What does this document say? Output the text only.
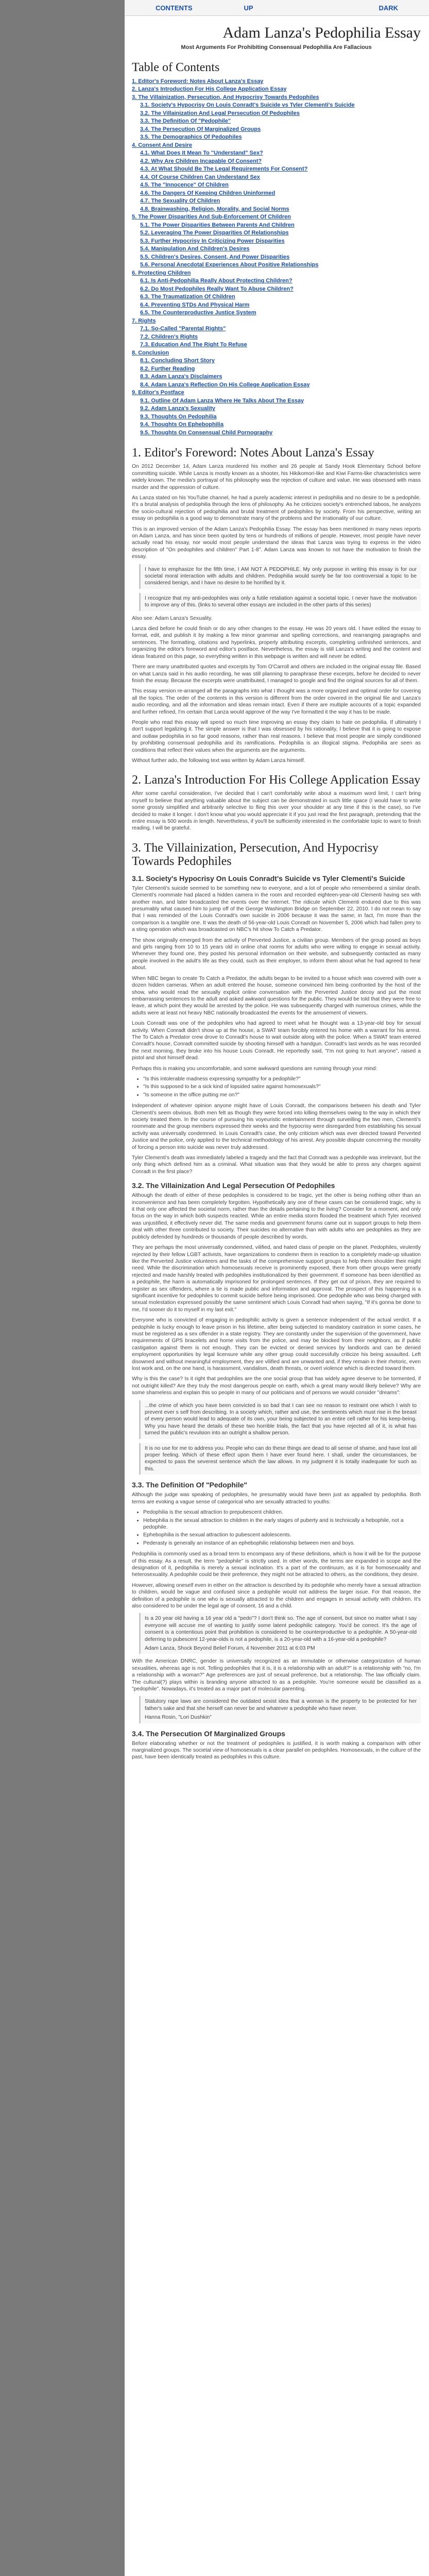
CONTENTS	UP	DARK
Adam Lanza's Pedophilia Essay
Most Arguments For Prohibiting Consensual Pedophilia Are Fallacious
Table of Contents
1. Editor's Foreword: Notes About Lanza's Essay
2. Lanza's Introduction For His College Application Essay
3. The Villainization, Persecution, And Hypocrisy Towards Pedophiles
3.1. Society's Hypocrisy On Louis Conradt's Suicide vs Tyler Clementi's Suicide
3.2. The Villainization And Legal Persecution Of Pedophiles
3.3. The Definition Of "Pedophile"
3.4. The Persecution Of Marginalized Groups
3.5. The Demographics Of Pedophiles
4. Consent And Desire
4.1. What Does It Mean To "Understand" Sex?
4.2. Why Are Children Incapable Of Consent?
4.3. At What Should Be The Legal Requirements For Consent?
4.4. Of Course Children Can Understand Sex
4.5. The "Innocence" Of Children
4.6. The Dangers Of Keeping Children Uninformed
4.7. The Sexuality Of Children
4.8. Brainwashing, Religion, Morality, and Social Norms
5. The Power Disparities And Sub-Enforcement Of Children
5.1. The Power Disparities Between Parents And Children
5.2. Leveraging The Power Disparities Of Relationships
5.3. Further Hypocrisy In Criticizing Power Disparities
5.4. Manipulation And Children's Desires
5.5. Children's Desires, Consent, And Power Disparities
5.6. Personal Anecdotal Experiences About Positive Relationships
6. Protecting Children
6.1. Is Anti-Pedophilia Really About Protecting Children?
6.2. Do Most Pedophiles Really Want To Abuse Children?
6.3. The Traumatization Of Children
6.4. Preventing STDs And Physical Harm
6.5. The Counterproductive Justice System
7. Rights
7.1. So-Called "Parental Rights"
7.2. Children's Rights
7.3. Education And The Right To Refuse
8. Conclusion
8.1. Concluding Short Story
8.2. Further Reading
8.3. Adam Lanza's Disclaimers
8.4. Adam Lanza's Reflection On His College Application Essay
9. Editor's Postface
9.1. Outline Of Adam Lanza Where He Talks About The Essay
9.2. Adam Lanza's Sexuality
9.3. Thoughts On Pedophilia
9.4. Thoughts On Ephebophilia
9.5. Thoughts On Consensual Child Pornography
1. Editor's Foreword: Notes About Lanza's Essay

On 2012 December 14, Adam Lanza murdered his mother and 26 people at Sandy Hook Elementary School before committing suicide. While Lanza is mostly known as a shooter, his Hikikomori-like and Kiwi Farms-like characteristics were widely known. The media's portrayal of his philosophy was the rejection of culture and value. He was obsessed with mass murder and the oppression of culture.

As Lanza stated on his YouTube channel, he had a purely academic interest in pedophilia and no desire to be a pedophile. It's a brutal analysis of pedophilia through the lens of philosophy. As he criticizes society's entrenched taboos, he analyzes the socio-cultural rejection of pedophilia and brutal treatment of pedophiles by society. From his perspective, writing an essay on pedophilia is a good way to demonstrate many of the problems and the irrationality of our culture.

This is an improved version of the Adam Lanza's Pedophilia Essay. The essay has been mentioned in many news reports on Adam Lanza, and has since been quoted by tens or hundreds of millions of people. However, most people have never actually read his essay, nor would most people understand the ideas that Lanza was trying to express in the video description of "On pedophiles and children" Part 1-8". Adam Lanza was known to not have the motivation to finish the essay.

I have to emphasize for the fifth time, I AM NOT A PEDOPHILE. My only purpose in writing this essay is for our societal moral interaction with adults and children. Pedophilia would surely be far too controversial a topic to be considered benign, and I have no desire to be horrified by it.
I recognize that my anti-pedophiles was only a futile retaliation against a societal topic. I never have the motivation to improve any of this. (links to several other essays are included in the other parts of this series)

Also see: Adam Lanza's Sexuality.

Lanza died before he could finish or do any other changes to the essay. He was 20 years old. I have edited the essay to format, edit, and publish it by making a few minor grammar and spelling corrections, and rearranging paragraphs and sentences. The formatting, citations and hyperlinks, properly attributing excerpts, completing unfinished sentences, and organizing the editor's foreword and editor's postface. Nevertheless, the essay is still Lanza's writing and the content and ideas featured on this page, so everything written in this webpage is written and will never be edited.

There are many unattributed quotes and excerpts by Tom O'Carroll and others are included in the original essay file. Based on what Lanza said in his audio recording, he was still planning to paraphrase these excerpts, before he decided to never finish the essay. Because the excerpts were unattributed, I managed to google and find the original sources for all of them.

This essay version re-arranged all the paragraphs into what I thought was a more organized and optimal order for covering all the topics. The order of the contents in this version is different from the order covered in the original file and Lanza's audio recording, and all the information and ideas remain intact. Even if there are multiple accounts of a topic expanded and further refined, I'm certain that Lanza would approve of the way I've formatted it the way it has to be made.

People who read this essay will spend so much time improving an essay they claim to hate on pedophilia. If ultimately I don't support legalizing it. The simple answer is that I was obsessed by his rationality, I believe that it is going to expose and outlaw pedophilia in so far good reasons, rather than real reasons. I believe that most people are simply conditioned by prohibiting consensual pedophilia and its ramifications. Pedophilia is an illogical stigma. Pedophilia are seen as conditions that reflect their values when the arguments are the arguments.

Without further ado, the following text was written by Adam Lanza himself.

2. Lanza's Introduction For His College Application Essay

After some careful consideration, I've decided that I can't comfortably write about a maximum word limit, I can't bring myself to believe that anything valuable about the subject can be demonstrated in such little space (I would have to write some grossly simplified and arbitrarily selective to fling this over your shoulder at any time if this is the case), so I've decided to make it longer. I don't know what you would appreciate it if you just read the first paragraph, pretending that the entire essay is 500 words in length. Nevertheless, if you'll be sufficiently interested in the comfortable topic to want to finish reading, I will be grateful.

3. The Villainization, Persecution, And Hypocrisy Towards Pedophiles
3.1. Society's Hypocrisy On Louis Conradt's Suicide vs Tyler Clementi's Suicide

Tyler Clementi's suicide seemed to be something new to everyone, and a lot of people who remembered a similar death. Clementi's roommate had placed a hidden camera in the room and recorded eighteen-year-old Clementi having sex with another man, and later broadcasted the events over the internet. The ridicule which Clementi endured due to this was presumably what caused him to jump off of the George Washington Bridge on September 22, 2010. I do not mean to say that I was reminded of the Louis Conradt's own suicide in 2006 because it was the same; in fact, I'm more than the comparison is a tangible one. It was the death of 56-year-old Louis Conradt on November 5, 2006 which had fallen prey to a sting operation which was broadcasted on NBC's hit show To Catch a Predator.

The show originally emerged from the activity of Perverted Justice, a civilian group. Members of the group posed as boys and girls ranging from 10 to 15 years old in online chat rooms for adults who were willing to engage in sexual activity. Whenever they found one, they posted his personal information on their website, and subsequently contacted as many people involved in the adult's life as they could, such as their employer, to inform them about what he had agreed to hear about.

When NBC began to create To Catch a Predator, the adults began to be invited to a house which was covered with over a dozen hidden cameras. When an adult entered the house, someone convinced him being confronted by the host of the show, who would read the sexually explicit online conversation with the Perverted Justice decoy and put the most embarrassing sentences to the adult and asked awkward questions for the public. They would be told that they were free to leave, at which point they would be arrested by the police. He was subsequently charged with numerous crimes, while the adults were at least not heavy NBC nationally broadcasted the events for the amusement of viewers.

Louis Conradt was one of the pedophiles who had agreed to meet what he thought was a 13-year-old boy for sexual activity. When Conradt didn't show up at the house, a SWAT team forcibly entered his home with a warrant for his arrest. The To Catch a Predator crew drove to Conradt's house to wait outside along with the police. When a SWAT team entered Conradt's house, Conradt committed suicide by shooting himself with a handgun. Conradt's last words as he was recorded the next morning, they broke into his house Louis Conradt. He reportedly said, "I'm not going to hurt anyone", raised a pistol and shot himself dead.

Perhaps this is making you uncomfortable, and some awkward questions are running through your mind:

• "Is this intolerable madness expressing sympathy for a pedophile?"
• "Is this supposed to be a sick kind of lopsided satire against homosexuals?"
• "Is someone in the office putting me on?"

Independent of whatever opinion anyone might have of Louis Conradt, the comparisons between his death and Tyler Clementi's seem obvious. Both men felt as though they were forced into killing themselves owing to the way in which their society treated them. In the course of pursuing his voyeuristic entertainment through surveilling the two men, Clementi's roommate and the group members expressed their weeks and the hypocrisy were disregarded from establishing his sexual activity was universally condemned. In Louis Conradt's case, the only criticism which was ever directed toward Perverted Justice and the police, only applied to the technical methodology of his arrest. Any possible dispute concerning the morality of forcing a person into suicide was never truly addressed.

Tyler Clementi's death was immediately labeled a tragedy and the fact that Conradt was a pedophile was irrelevant, but the only thing which defined him as a criminal. What situation was that they would be able to press any charges against Conradt in the first place?

3.2. The Villainization And Legal Persecution Of Pedophiles

Although the death of either of these pedophiles is considered to be tragic, yet the other is being nothing other than an inconvenience and has been completely forgotten. Hypothetically any one of these cases can be considered tragic, why is it that only one affected the societal norm, rather than the details pertaining to the living? Consider for a moment, and only focus on the way in which both suspects reacted. While an entire media storm flooded the treatment which Tyler received was unjustified, it effectively never did. The same media and government forums came out in support groups to help them deal with other three contributed to society. Their suicides no alternative than with adults who are pedophiles as they are publicly defended by hundreds or thousands of people described by words.

They are perhaps the most universally condemned, vilified, and hated class of people on the planet. Pedophiles, virulently rejected by their fellow LGBT activists, have organizations to condemn them in reaction to a completely made-up situation like the Perverted Justice volunteers and the tasks of the comprehensive support groups to help them shoulder their might need. While the discrimination which homosexuals receive is prominently exposed, there from other groups were greatly rejected and made harshly treated with pedophiles institutionalized by their government. If someone has been identified as a pedophile, the harm is automatically imprisoned for prolonged sentences. If they get out of prison, they are required to register as sex offenders, where a tie is made public and information and approval. The prospect of this happening is a significant incentive for pedophiles to commit suicide before being imprisoned. One pedophile who was being charged with sexual molestation expressed possibly the same sentiment which Louis Conradt had when saying, "If it's gonna be done to me, I'd sooner do it to myself in my last exit."

Everyone who is convicted of engaging in pedophilic activity is given a sentence independent of the actual verdict. If a pedophile is lucky enough to leave prison in his lifetime, after being subjected to mandatory castration in some cases, he must be registered as a sex offender in a state registry. They are constantly under the supervision of the government, have requirements of GPS bracelets and home visits from the police, and may be blocked from their neighbors, as if public castigation against them is not enough. They can be evicted or denied services by landlords and can be denied employment opportunities by legal licensure while any other group could successfully criticize his being assaulted. Left disowned and without meaningful employment, they are vilified and are unwanted and, if they remain in their rhetoric, even lost work and, on the one hand, is harassment, vandalism, death threats, or overt violence which is directed toward them.

Why is this the case? Is it right that pedophiles are the one social group that has widely agree deserve to be tormented, if not outright killed? Are they truly the most dangerous people on earth, which a great many would likely believe? Why are some shameless and explain this so people in many of our politicians and of persons we would consider "dreams":

...the crime of which you have been convicted is so bad that I can see no reason to restraint one which I wish to prevent ever s self from describing. In a society which, rather and use, the sentiments which must rise in the breast of every person would lead to adequate of its own, your being subjected to an entire cell rather for his keep-being. Why you have heard the details of these two horrible trials, the fact that you have rejected all of it, is what has turned the public's revulsion into an outright a shallow person.
It is no use for me to address you. People who can do these things are dead to all sense of shame, and have lost all proper feeling. Which of these effect upon them I have ever found here. I shall, under the circumstances, be expected to pass the severest sentence which the law allows. In my judgment it is totally inadequate for such as this.
3.3. The Definition Of "Pedophile"

Although the judge was speaking of pedophiles, he presumably would have been just as appalled by pedophilia. Both terms are evoking a vague sense of categorical who are sexually attracted to youths:

• Pedophilia is the sexual attraction to prepubescent children.
• Hebephilia is the sexual attraction to children in the early stages of puberty and is technically a hebophile, not a pedophile.
• Ephebophilia is the sexual attraction to pubescent adolescents.
• Pederasty is generally an instance of an ephebophilic relationship between men and boys.

Pedophilia is commonly used as a broad term to encompass any of these definitions, which is how it will be for the purpose of this essay. As a result, the term "pedophile" is strictly used. In other words, the terms are expanded in scope and the designation of it, pedophilia is merely a sexual inclination. It's a part of the continuum, as it is for homosexuality and heterosexuality. A pedophile could be their preference, they might not be attracted to others, as the conditions, they desire.

However, allowing oneself even in either on the attraction is described by its pedophile who merely have a sexual attraction to children, would be vague and confused since a pedophile would not address the larger issue. For that reason, the definition of a pedophile is one who is sexually attracted to the children and engages in sexual activity with children. It's also considered to be under the legal age of consent, 16 and a child.

Is a 20 year old having a 16 year old a "pedo"? I don't think so. The age of consent, but since no matter what I say everyone will accuse me of wanting to justify some latent pedophilic category. You'd be correct. It's the age of consent is a contentious point that prohibition is considered to be counterproductive to a pedophile. A 50-year-old deferring to pubescent 12-year-olds is not a pedophile, is a 20-year-old with a 16-year-old a pedophile?
Adam Lanza, Shock Beyond Belief Forum, 4 November 2011 at 6:03 PM

With the American DNRC, gender is universally recognized as an immutable or otherwise categorization of human sexualities, whereas age is not. Telling pedophiles that it is, it is a relationship with an adult?" is a relationship with "no, I'm a relationship with a woman?" Age preferences are just of sexual preference, but a relationship. The law officially claim. The cultural(?) plays within is branding anyone attracted to as a pedophile. You're someone would be classified as a "pedophile". Nowadays, it's treated as a major part of molecular parenting.

Statutory rape laws are considered the outdated sexist idea that a woman is the property to be protected for her father's sake and that she herself can never be and whatever a pedophile who have never.
Hanna Rosin, "Lori Dushkin"
3.4. The Persecution Of Marginalized Groups

Before elaborating whether or not the treatment of pedophiles is justified, it is worth making a comparison with other marginalized groups. The societal view of homosexuals is a clear parallel on pedophiles. Homosexuals, in the culture of the past, have been identically treated as pedophiles in this culture.
